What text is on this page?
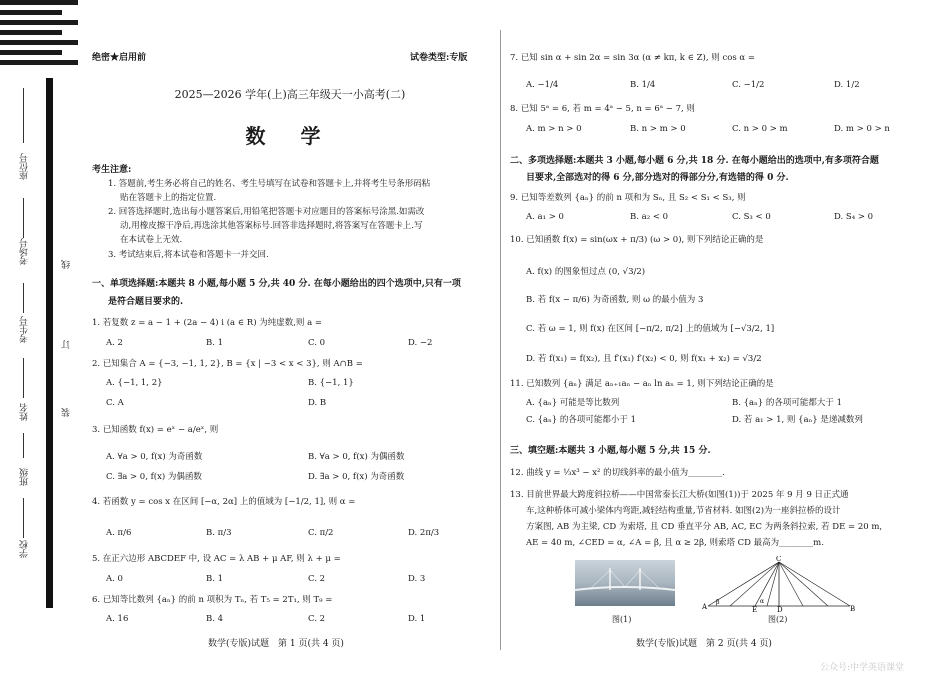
座位号
考场号
考生号
姓名
班级
学校
线
订
装
绝密★启用前	试卷类型:专版
2025—2026 学年(上)高三年级天一小高考(二)
数 学
考生注意:
1. 答题前,考生务必将自己的姓名、考生号填写在试卷和答题卡上,并将考生号条形码粘
贴在答题卡上的指定位置.
2. 回答选择题时,选出每小题答案后,用铅笔把答题卡对应题目的答案标号涂黑.如需改
动,用橡皮擦干净后,再选涂其他答案标号.回答非选择题时,将答案写在答题卡上.写
在本试卷上无效.
3. 考试结束后,将本试卷和答题卡一并交回.
一、单项选择题:本题共 8 小题,每小题 5 分,共 40 分. 在每小题给出的四个选项中,只有一项
是符合题目要求的.
1. 若复数 z = a − 1 + (2a − 4) i (a ∈ R) 为纯虚数,则 a =
A. 2	B. 1	C. 0	D. −2
2. 已知集合 A = {−3, −1, 1, 2}, B = {x | −3 < x < 3}, 则 A∩B =
A. {−1, 1, 2}	B. {−1, 1}
C. A	D. B
3. 已知函数 f(x) = eˣ − a/eˣ, 则
A. ∀a > 0, f(x) 为奇函数	B. ∀a > 0, f(x) 为偶函数
C. ∃a > 0, f(x) 为偶函数	D. ∃a > 0, f(x) 为奇函数
4. 若函数 y = cos x 在区间 [−α, 2α] 上的值域为 [−1/2, 1], 则 α =
A. π/6	B. π/3	C. π/2	D. 2π/3
5. 在正六边形 ABCDEF 中, 设 AC = λ AB + μ AF, 则 λ + μ =
A. 0	B. 1	C. 2	D. 3
6. 已知等比数列 {aₙ} 的前 n 项积为 Tₙ, 若 T₅ = 2T₁, 则 T₉ =
A. 16	B. 4	C. 2	D. 1
数学(专版)试题　第 1 页(共 4 页)
7. 已知 sin α + sin 2α = sin 3α (α ≠ kπ, k ∈ Z), 则 cos α =
A. −1/4	B. 1/4	C. −1/2	D. 1/2
8. 已知 5ᵃ = 6, 若 m = 4ᵃ − 5, n = 6ᵃ − 7, 则
A. m > n > 0	B. n > m > 0	C. n > 0 > m	D. m > 0 > n
二、多项选择题:本题共 3 小题,每小题 6 分,共 18 分. 在每小题给出的选项中,有多项符合题
目要求,全部选对的得 6 分,部分选对的得部分分,有选错的得 0 分.
9. 已知等差数列 {aₙ} 的前 n 项和为 Sₙ, 且 S₂ < S₁ < S₃, 则
A. a₁ > 0	B. a₂ < 0	C. S₃ < 0	D. S₄ > 0
10. 已知函数 f(x) = sin(ωx + π/3) (ω > 0), 则下列结论正确的是
A. f(x) 的图象恒过点 (0, √3/2)
B. 若 f(x − π/6) 为奇函数, 则 ω 的最小值为 3
C. 若 ω = 1, 则 f(x) 在区间 [−π/2, π/2] 上的值域为 [−√3/2, 1]
D. 若 f(x₁) = f(x₂), 且 f′(x₁) f′(x₂) < 0, 则 f(x₁ + x₂) = √3/2
11. 已知数列 {aₙ} 满足 aₙ₊₁aₙ − aₙ ln aₙ = 1, 则下列结论正确的是
A. {aₙ} 可能是等比数列	B. {aₙ} 的各项可能都大于 1
C. {aₙ} 的各项可能都小于 1	D. 若 a₁ > 1, 则 {aₙ} 是递减数列
三、填空题:本题共 3 小题,每小题 5 分,共 15 分.
12. 曲线 y = ⅓x³ − x² 的切线斜率的最小值为________.
13. 目前世界最大跨度斜拉桥——中国常泰长江大桥(如图(1))于 2025 年 9 月 9 日正式通
车,这种桥体可减小梁体内弯距,减轻结构重量,节省材料. 如图(2)为一座斜拉桥的设计
方案图, AB 为主梁, CD 为索塔, 且 CD 垂直平分 AB, AC, EC 为两条斜拉索, 若 DE = 20 m,
AE = 40 m, ∠CED = α, ∠A = β, 且 α ≥ 2β, 则索塔 CD 最高为________m.
数学(专版)试题　第 2 页(共 4 页)
图(1)
A	B
C
D
E
α
β
图(2)
公众号:中学英语课堂
